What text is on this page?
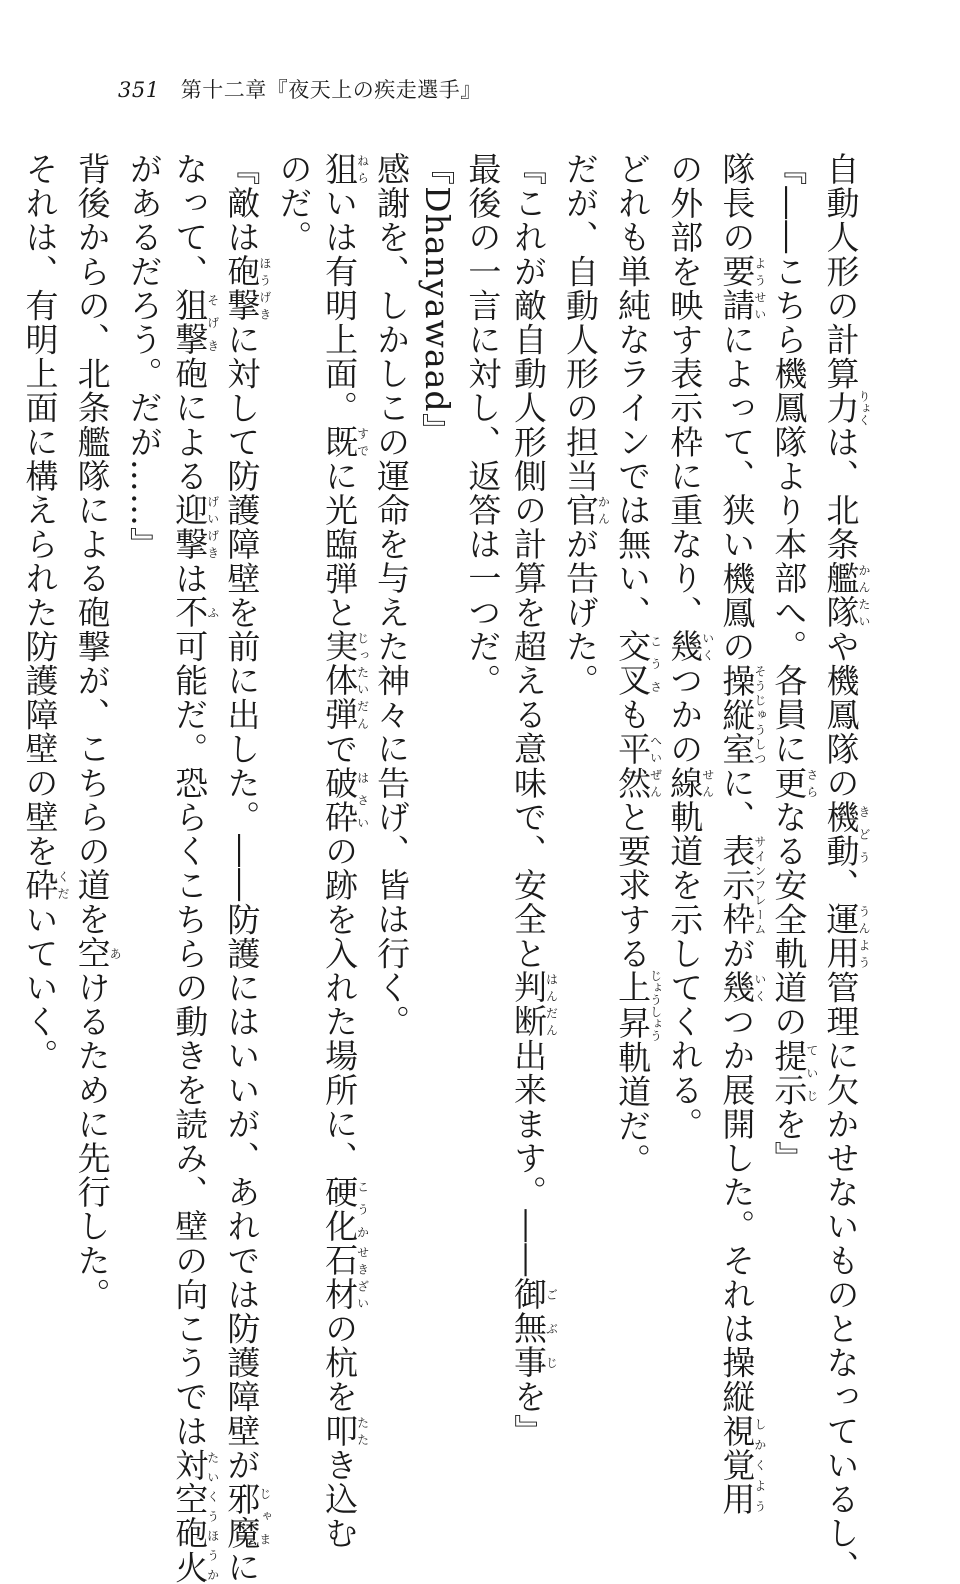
351 第十二章『夜天上の疾走選手』
自動人形の計算力りょくは、北条艦隊かんたいや機鳳隊の機動きどう、運用うんよう管理に欠かせないものとなっているし、
『――こちら機鳳隊より本部へ。各員に更さらなる安全軌道の提示ていじを』
隊長の要請ようせいによって、狭い機鳳の操縦室そうじゅうしつに、表示枠サインフレームが幾いくつか展開した。それは操縦視覚用しかくよう
の外部を映す表示枠に重なり、幾いくつかの線せん軌道を示してくれる。
どれも単純なラインでは無い、交叉こうさも平然へいぜんと要求する上昇じょうしょう軌道だ。
だが、自動人形の担当官かんが告げた。
『これが敵自動人形側の計算を超える意味で、安全と判断はんだん出来ます。――御無事ごぶじを』
最後の一言に対し、返答は一つだ。
『Dhanyawaad』
感謝を、しかしこの運命を与えた神々に告げ、皆は行く。
狙ねらいは有明上面。既すでに光臨弾と実体弾じったいだんで破砕はさいの跡を入れた場所に、硬化こうか石材せきざいの杭を叩たたき込む
のだ。
『敵は砲撃ほうげきに対して防護障壁を前に出した。――防護にはいいが、あれでは防護障壁が邪魔じゃまに
なって、狙撃そげき砲による迎撃げいげきは不ふ可能だ。恐らくこちらの動きを読み、壁の向こうでは対空砲火たいくうほうか
があるだろう。だが……』
背後からの、北条艦隊による砲撃が、こちらの道を空あけるために先行した。
それは、有明上面に構えられた防護障壁の壁を砕くだいていく。
